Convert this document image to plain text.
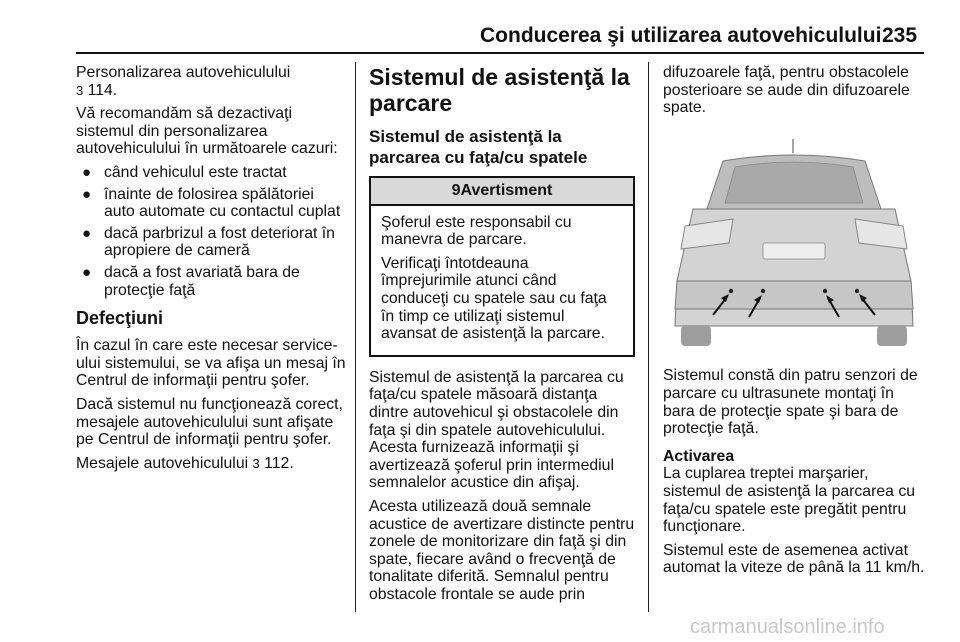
Conducerea şi utilizarea autovehiculului 235

Personalizarea autovehiculului
3 114.

Vă recomandăm să dezactivaţi sistemul din personalizarea autovehiculului în următoarele cazuri:

● când vehiculul este tractat
● înainte de folosirea spălătoriei auto automate cu contactul cuplat
● dacă parbrizul a fost deteriorat în apropiere de cameră
● dacă a fost avariată bara de protecţie faţă
Defecţiuni

În cazul în care este necesar service-ului sistemului, se va afişa un mesaj în Centrul de informaţii pentru şofer.

Dacă sistemul nu funcţionează corect, mesajele autovehiculului sunt afişate pe Centrul de informaţii pentru şofer.

Mesajele autovehiculului 3 112.

Sistemul de asistenţă la parcare
Sistemul de asistenţă la parcarea cu faţa/cu spatele
9Avertisment

Şoferul este responsabil cu manevra de parcare.

Verificaţi întotdeauna împrejurimile atunci când conduceţi cu spatele sau cu faţa în timp ce utilizaţi sistemul avansat de asistenţă la parcare.

Sistemul de asistenţă la parcarea cu faţa/cu spatele măsoară distanţa dintre autovehicul şi obstacolele din faţa şi din spatele autovehiculului. Acesta furnizează informaţii şi avertizează şoferul prin intermediul semnalelor acustice din afişaj.

Acesta utilizează două semnale acustice de avertizare distincte pentru zonele de monitorizare din faţă şi din spate, fiecare având o frecvenţă de tonalitate diferită. Semnalul pentru obstacole frontale se aude prin

difuzoarele faţă, pentru obstacolele posterioare se aude din difuzoarele spate.

Sistemul constă din patru senzori de parcare cu ultrasunete montaţi în bara de protecţie spate şi bara de protecţie faţă.

Activarea

La cuplarea treptei marşarier, sistemul de asistenţă la parcarea cu faţa/cu spatele este pregătit pentru funcţionare.

Sistemul este de asemenea activat automat la viteze de până la 11 km/h.

carmanualsonline.info
